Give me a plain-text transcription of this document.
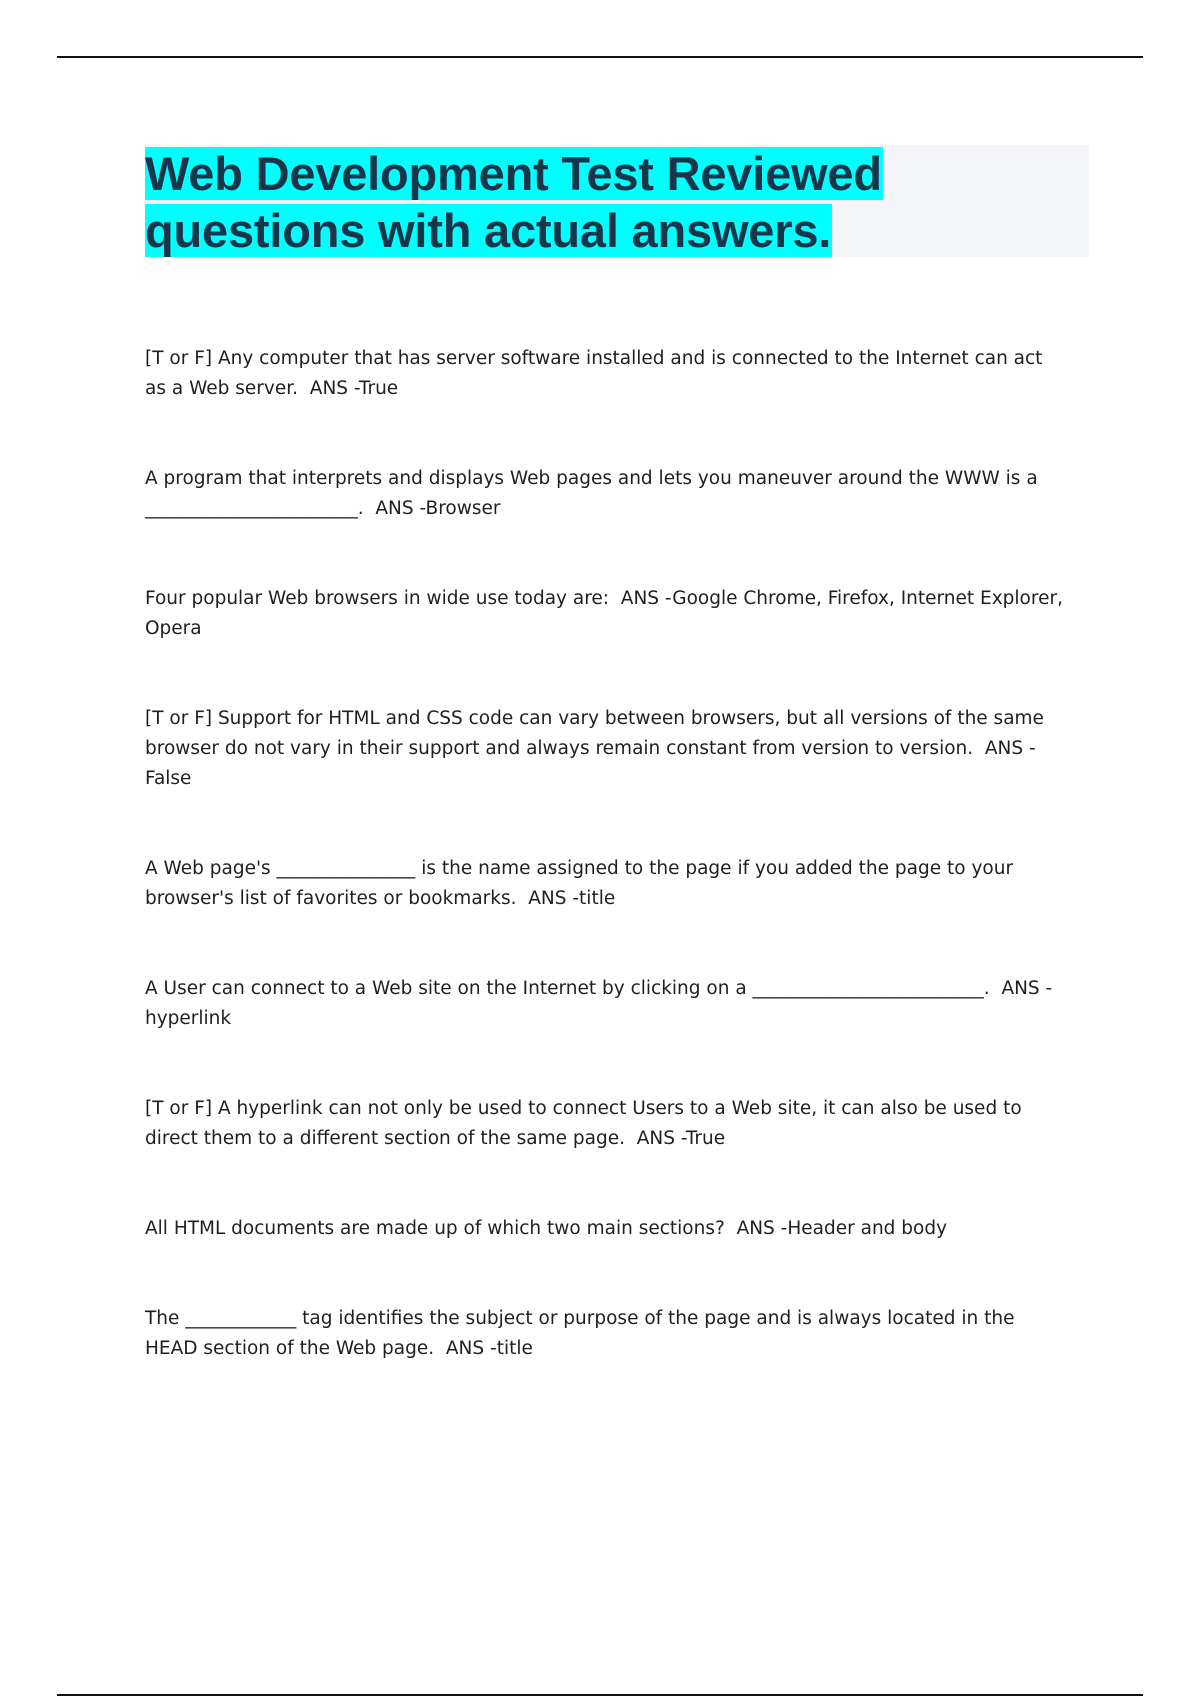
Web Development Test Reviewed questions with actual answers.

[T or F] Any computer that has server software installed and is connected to the Internet can act as a Web server.  ANS -True

A program that interprets and displays Web pages and lets you maneuver around the WWW is a _______________________.  ANS -Browser

Four popular Web browsers in wide use today are:  ANS -Google Chrome, Firefox, Internet Explorer, Opera

[T or F] Support for HTML and CSS code can vary between browsers, but all versions of the same browser do not vary in their support and always remain constant from version to version.  ANS -False

A Web page's _______________ is the name assigned to the page if you added the page to your browser's list of favorites or bookmarks.  ANS -title

A User can connect to a Web site on the Internet by clicking on a _________________________.  ANS -hyperlink

[T or F] A hyperlink can not only be used to connect Users to a Web site, it can also be used to direct them to a different section of the same page.  ANS -True

All HTML documents are made up of which two main sections?  ANS -Header and body

The ____________ tag identifies the subject or purpose of the page and is always located in the HEAD section of the Web page.  ANS -title
